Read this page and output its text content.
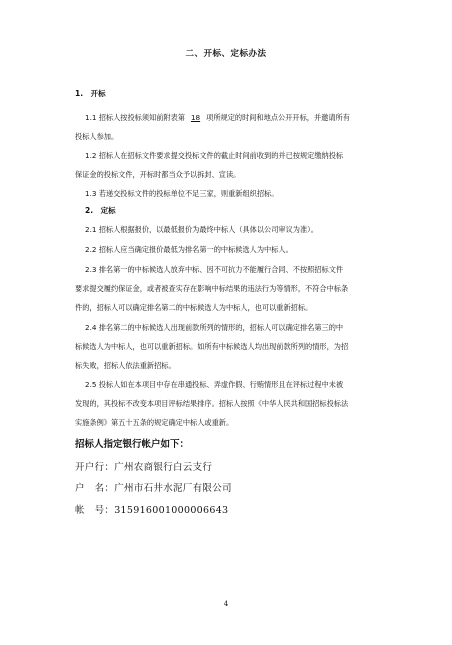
二、开标、定标办法
1.　开标
1.1 招标人按投标须知前附表第 18 项所规定的时间和地点公开开标，并邀请所有
投标人参加。
1.2 招标人在招标文件要求提交投标文件的截止时间前收到的并已按规定缴纳投标
保证金的投标文件，开标时都当众予以拆封、宣读。
1.3 若递交投标文件的投标单位不足三家，则重新组织招标。
2.　定标
2.1 招标人根据报价，以最低报价为最终中标人（具体以公司审议为准）。
2.2 招标人应当确定报价最低为排名第一的中标候选人为中标人。
2.3 排名第一的中标候选人放弃中标、因不可抗力不能履行合同、不按照招标文件
要求提交履约保证金，或者被查实存在影响中标结果的违法行为等情形，不符合中标条
件的，招标人可以确定排名第二的中标候选人为中标人，也可以重新招标。
2.4 排名第二的中标候选人出现前款所列的情形的，招标人可以确定排名第三的中
标候选人为中标人，也可以重新招标。如所有中标候选人均出现前款所列的情形，为招
标失败，招标人依法重新招标。
2.5 投标人如在本项目中存在串通投标、弄虚作假、行贿情形且在评标过程中未被
发现的，其投标不改变本项目评标结果排序。招标人按照《中华人民共和国招标投标法
实施条例》第五十五条的规定确定中标人或重新。
招标人指定银行帐户如下：
开户行：广州农商银行白云支行
户　名：广州市石井水泥厂有限公司
帐　号：315916001000006643
4
